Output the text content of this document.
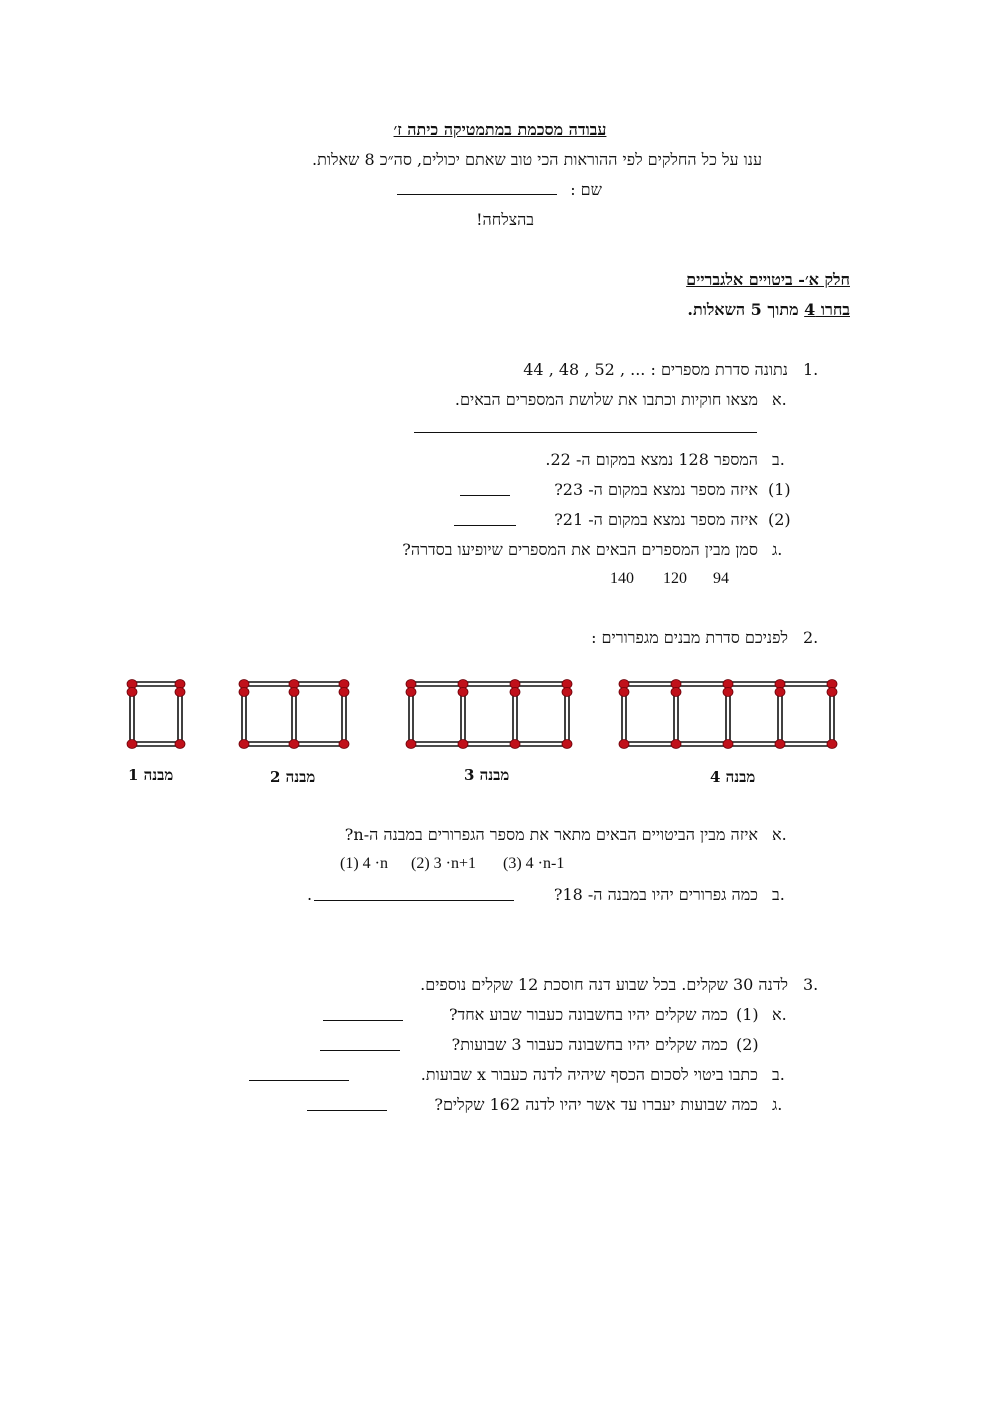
עבודה מסכמת במתמטיקה כיתה ז׳
ענו על כל החלקים לפי ההוראות הכי טוב שאתם יכולים, סה״כ 8 שאלות.
שם :
בהצלחה!
חלק א׳- ביטויים אלגבריים
בחרו 4 מתוך 5 השאלות.
1.
נתונה סדרת מספרים : ... , 52 , 48 , 44
א.
מצאו חוקיות וכתבו את שלושת המספרים הבאים.
ב.
המספר 128 נמצא במקום ה- 22.
(1)
איזה מספר נמצא במקום ה- 23?
(2)
איזה מספר נמצא במקום ה- 21?
ג.
סמן מבין המספרים הבאים את המספרים שיופיעו בסדרה?
94
120
140
2.
לפניכם סדרת מבנים מגפרורים :
מבנה 1	מבנה 2	מבנה 3	מבנה 4
א.
איזה מבין הביטויים הבאים מתאר את מספר הגפרורים במבנה ה-n?
(1) 4 ·n (2) 3 ·n+1 (3) 4 ·n-1
ב.
כמה גפרורים יהיו במבנה ה- 18?
.
3.
לדנה 30 שקלים. בכל שבוע דנה חוסכת 12 שקלים נוספים.
א.
(1)
כמה שקלים יהיו בחשבונה כעבור שבוע אחד?
(2)
כמה שקלים יהיו בחשבונה כעבור 3 שבועות?
ב.
כתבו ביטוי לסכום הכסף שיהיה לדנה כעבור x שבועות.
ג.
כמה שבועות יעברו עד אשר יהיו לדנה 162 שקלים?
